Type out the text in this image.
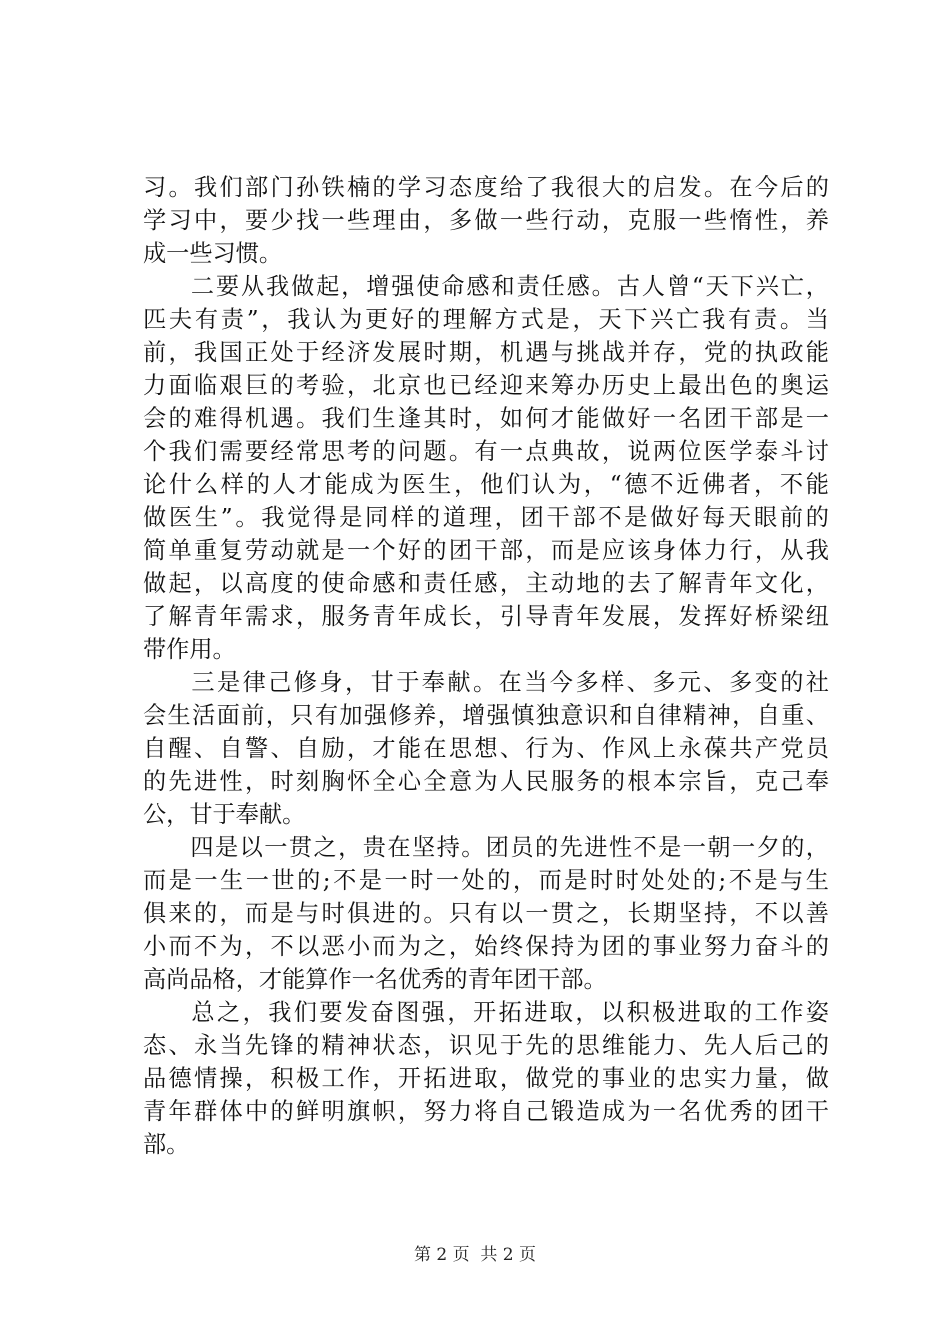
习。我们部门孙铁楠的学习态度给了我很大的启发。在今后的
学习中，要少找一些理由，多做一些行动，克服一些惰性，养
成一些习惯。
二要从我做起，增强使命感和责任感。古人曾“天下兴亡，
匹夫有责”，我认为更好的理解方式是，天下兴亡我有责。当
前，我国正处于经济发展时期，机遇与挑战并存，党的执政能
力面临艰巨的考验，北京也已经迎来筹办历史上最出色的奥运
会的难得机遇。我们生逢其时，如何才能做好一名团干部是一
个我们需要经常思考的问题。有一点典故，说两位医学泰斗讨
论什么样的人才能成为医生，他们认为，“德不近佛者，不能
做医生”。我觉得是同样的道理，团干部不是做好每天眼前的
简单重复劳动就是一个好的团干部，而是应该身体力行，从我
做起，以高度的使命感和责任感，主动地的去了解青年文化，
了解青年需求，服务青年成长，引导青年发展，发挥好桥梁纽
带作用。
三是律己修身，甘于奉献。在当今多样、多元、多变的社
会生活面前，只有加强修养，增强慎独意识和自律精神，自重、
自醒、自警、自励，才能在思想、行为、作风上永葆共产党员
的先进性，时刻胸怀全心全意为人民服务的根本宗旨，克己奉
公，甘于奉献。
四是以一贯之，贵在坚持。团员的先进性不是一朝一夕的，
而是一生一世的;不是一时一处的，而是时时处处的;不是与生
俱来的，而是与时俱进的。只有以一贯之，长期坚持，不以善
小而不为，不以恶小而为之，始终保持为团的事业努力奋斗的
高尚品格，才能算作一名优秀的青年团干部。
总之，我们要发奋图强，开拓进取，以积极进取的工作姿
态、永当先锋的精神状态，识见于先的思维能力、先人后己的
品德情操，积极工作，开拓进取，做党的事业的忠实力量，做
青年群体中的鲜明旗帜，努力将自己锻造成为一名优秀的团干
部。
第 2 页  共 2 页
